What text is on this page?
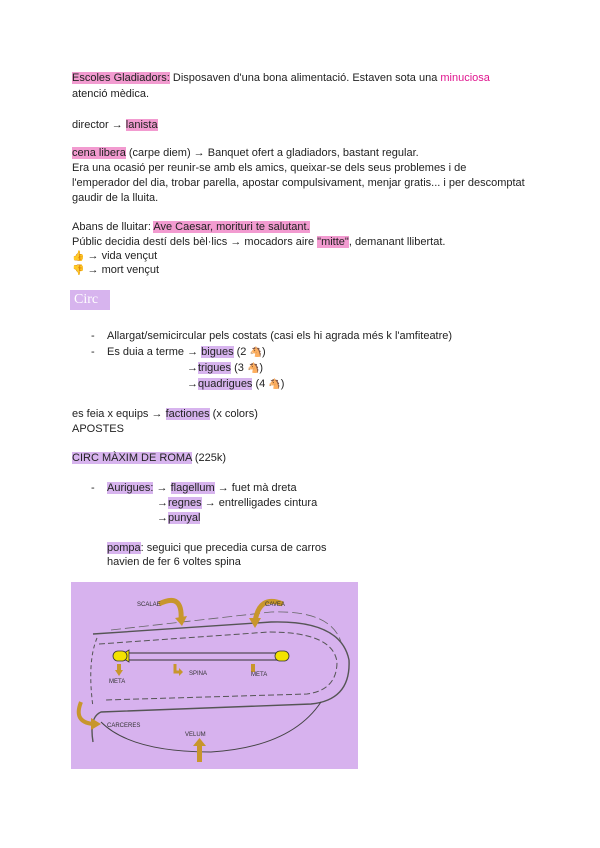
Escoles Gladiadors: Disposaven d'una bona alimentació. Estaven sota una minuciosa
atenció mèdica.
director → lanista
cena libera (carpe diem) → Banquet ofert a gladiadors, bastant regular.
Era una ocasió per reunir-se amb els amics, queixar-se dels seus problemes i de
l'emperador del dia, trobar parella, apostar compulsivament, menjar gratis... i per descomptat
gaudir de la lluita.
Abans de lluitar: Ave Caesar, morituri te salutant.
Públic decidia destí dels bèl·lics → mocadors aire "mitte", demanant llibertat.
👍 → vida vençut
👎 → mort vençut
Circ
- Allargat/semicircular pels costats (casi els hi agrada més k l'amfiteatre)
- Es duia a terme → bigues (2 🐴)
→trigues (3 🐴)
→quadrigues (4 🐴)
es feia x equips → factiones (x colors)
APOSTES
CIRC MÀXIM DE ROMA (225k)
- Aurigues: → flagellum → fuet mà dreta
→regnes → entrelligades cintura
→punyal
pompa: seguici que precedia cursa de carros
havien de fer 6 voltes spina
SCALAE	CAVEA
SPINA
META
META
CARCERES
VELUM
